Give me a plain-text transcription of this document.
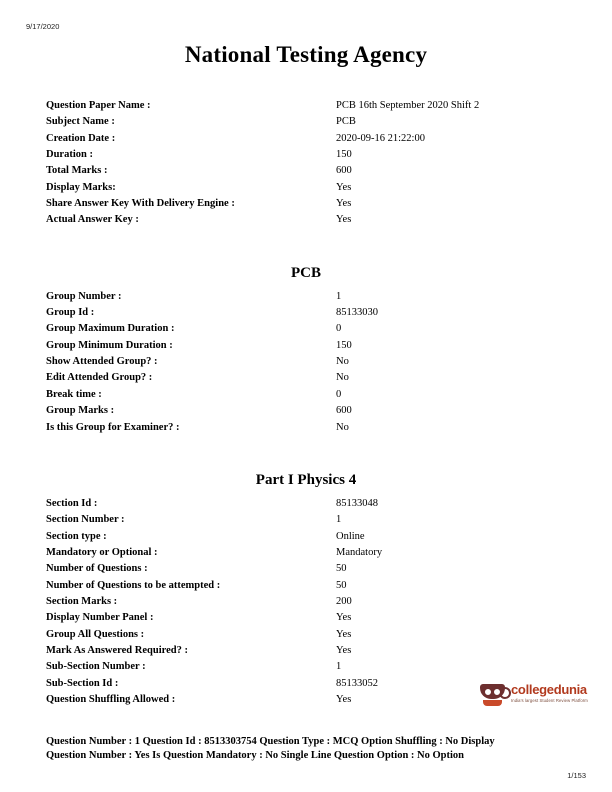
9/17/2020
National Testing Agency
Question Paper Name :	PCB 16th September 2020 Shift 2
Subject Name :	PCB
Creation Date :	2020-09-16 21:22:00
Duration :	150
Total Marks :	600
Display Marks:	Yes
Share Answer Key With Delivery Engine :	Yes
Actual Answer Key :	Yes
PCB
Group Number :	1
Group Id :	85133030
Group Maximum Duration :	0
Group Minimum Duration :	150
Show Attended Group? :	No
Edit Attended Group? :	No
Break time :	0
Group Marks :	600
Is this Group for Examiner? :	No
Part I Physics 4
Section Id :	85133048
Section Number :	1
Section type :	Online
Mandatory or Optional :	Mandatory
Number of Questions :	50
Number of Questions to be attempted :	50
Section Marks :	200
Display Number Panel :	Yes
Group All Questions :	Yes
Mark As Answered Required? :	Yes
Sub-Section Number :	1
Sub-Section Id :	85133052
Question Shuffling Allowed :	Yes
Question Number : 1 Question Id : 8513303754 Question Type : MCQ Option Shuffling : No Display
Question Number : Yes Is Question Mandatory : No Single Line Question Option : No Option
collegedunia
India's largest Student Review Platform
1/153
